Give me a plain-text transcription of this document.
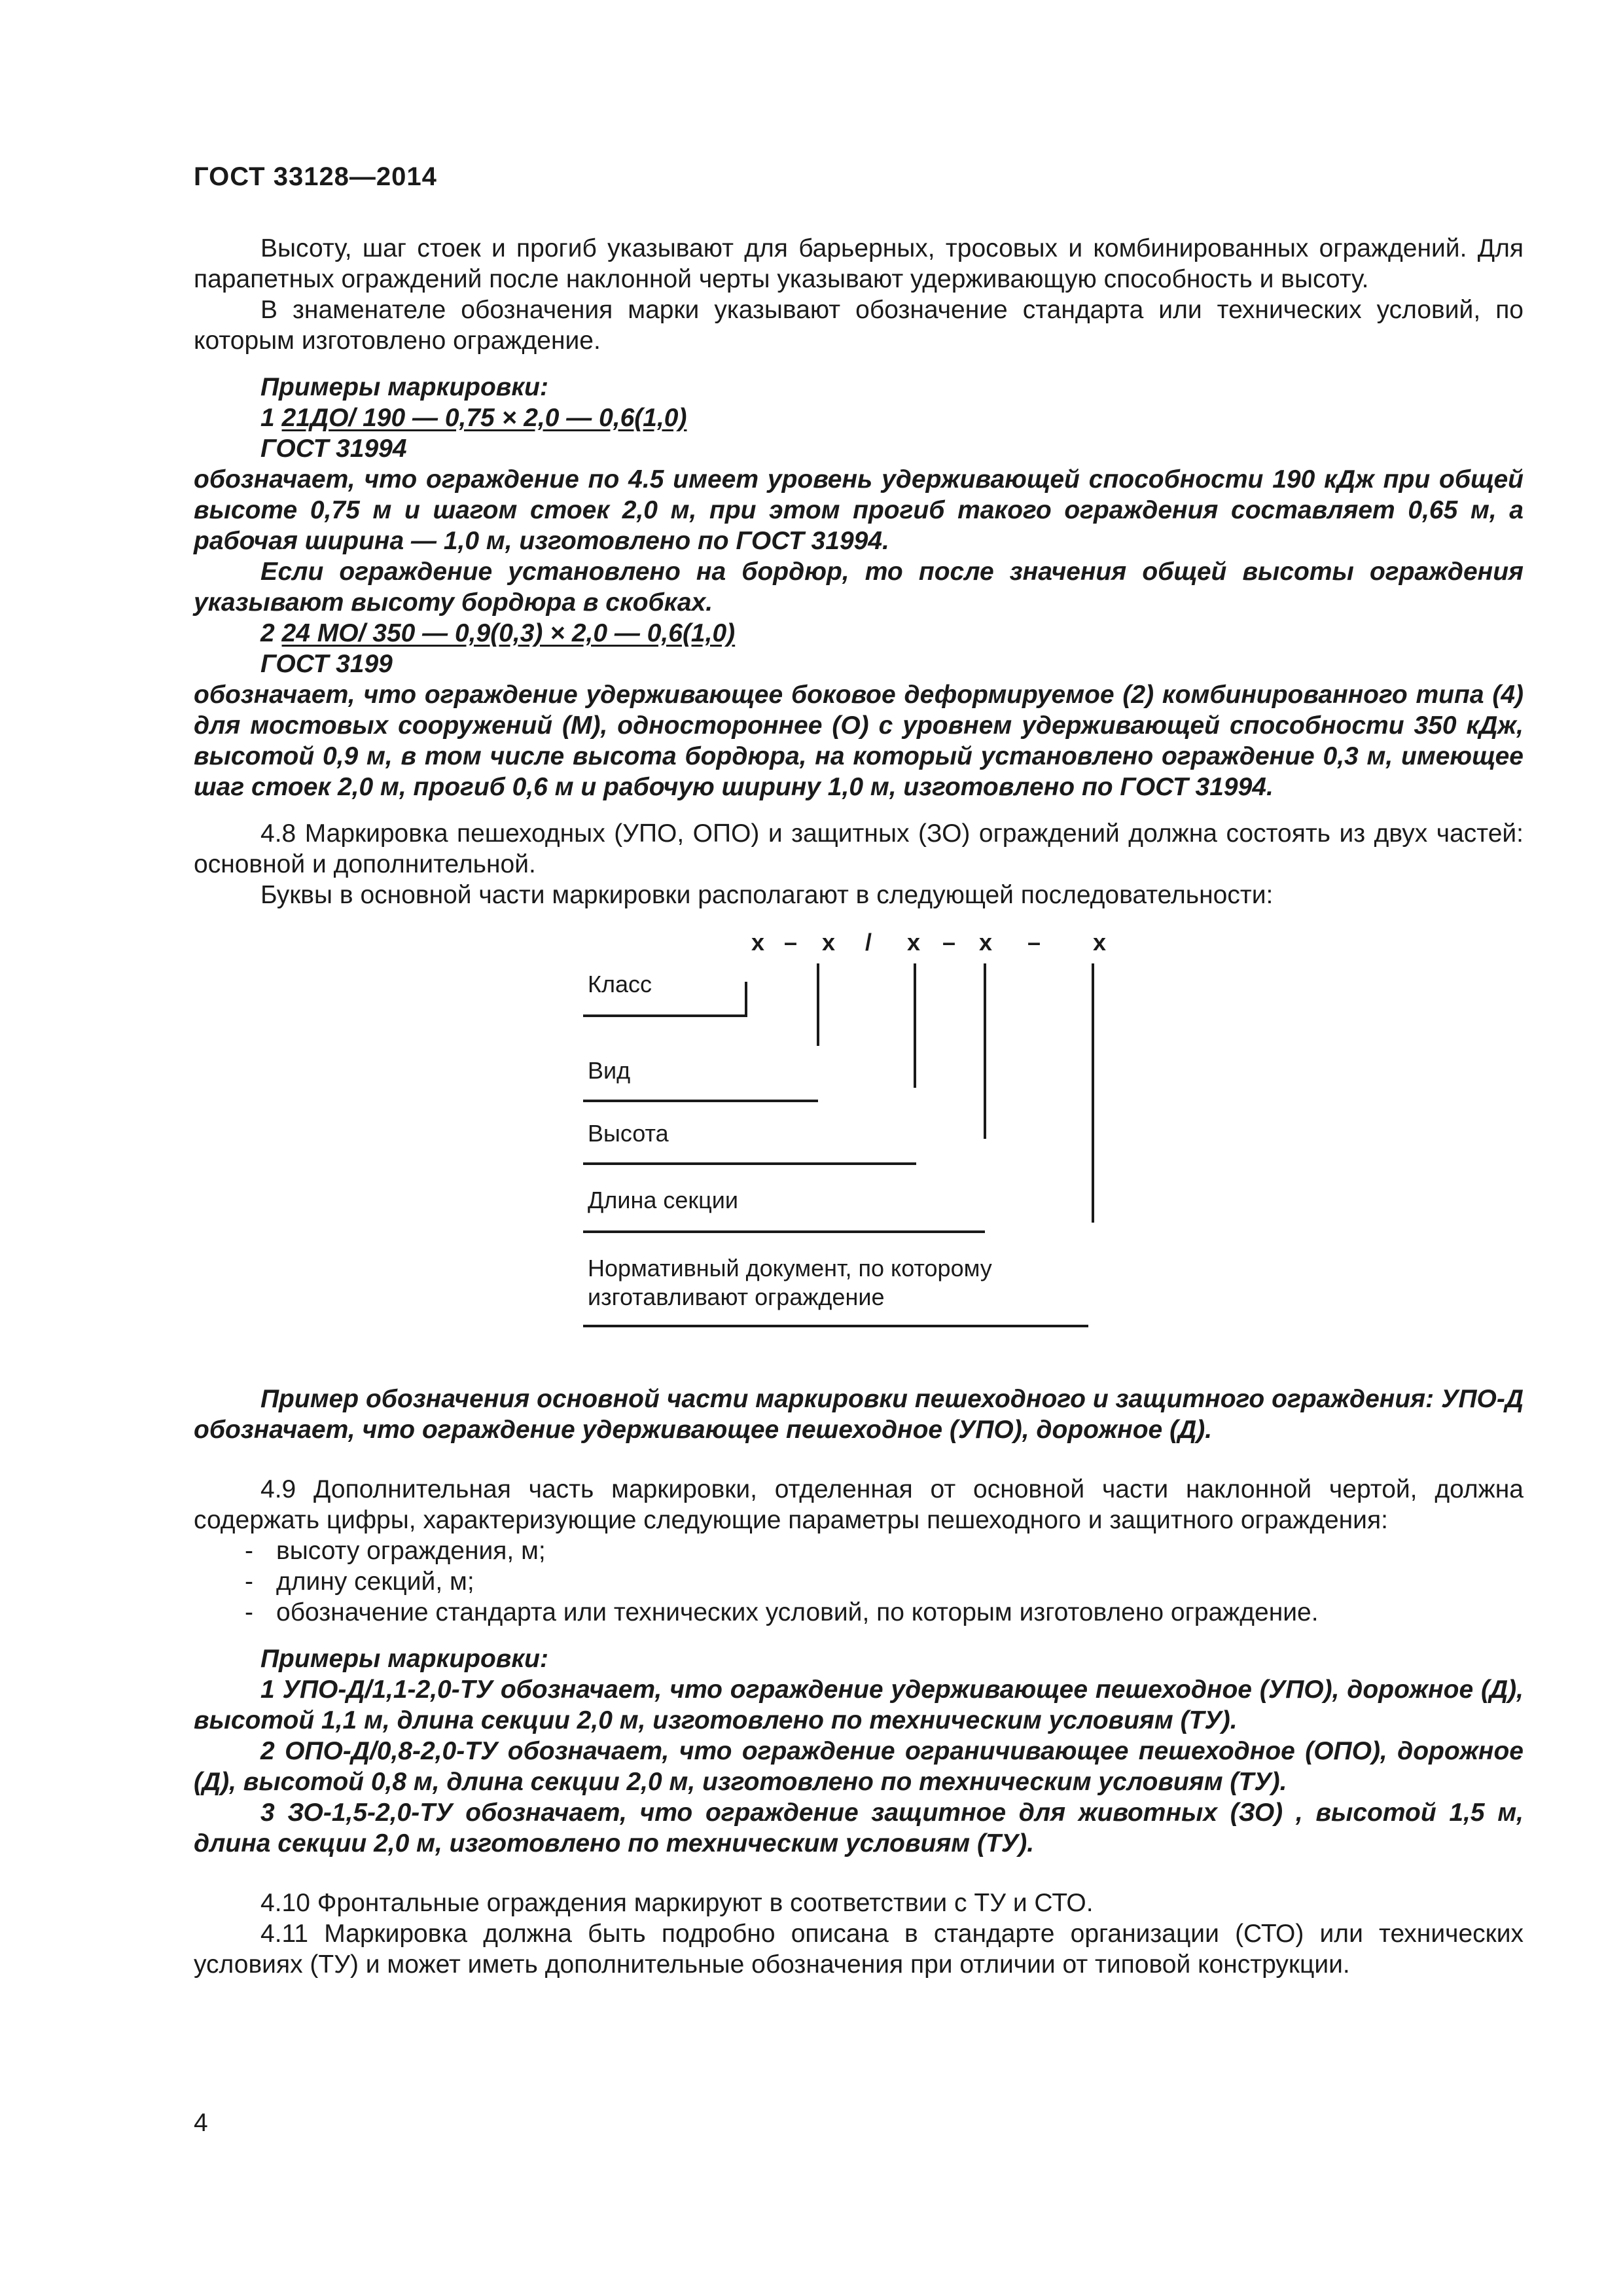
ГОСТ 33128—2014

Высоту, шаг стоек и прогиб указывают для барьерных, тросовых и комбинированных ограждений. Для парапетных ограждений после наклонной черты указывают удерживающую способность и высоту.

В знаменателе обозначения марки указывают обозначение стандарта или технических условий, по которым изготовлено ограждение.

Примеры маркировки:

1 21ДО/ 190 — 0,75 × 2,0 — 0,6(1,0)

ГОСТ 31994

обозначает, что ограждение по 4.5 имеет уровень удерживающей способности 190 кДж при общей высоте 0,75 м и шагом стоек 2,0 м, при этом прогиб такого ограждения составляет 0,65 м, а рабочая ширина — 1,0 м, изготовлено по ГОСТ 31994.

Если ограждение установлено на бордюр, то после значения общей высоты ограждения указывают высоту бордюра в скобках.

2 24 МО/ 350 — 0,9(0,3) × 2,0 — 0,6(1,0)

ГОСТ 3199

обозначает, что ограждение удерживающее боковое деформируемое (2) комбинированного типа (4) для мостовых сооружений (М), одностороннее (О) с уровнем удерживающей способности 350 кДж, высотой 0,9 м, в том числе высота бордюра, на который установлено ограждение 0,3 м, имеющее шаг стоек 2,0 м, прогиб 0,6 м и рабочую ширину 1,0 м, изготовлено по ГОСТ 31994.

4.8 Маркировка пешеходных (УПО, ОПО) и защитных (ЗО) ограждений должна состоять из двух частей: основной и дополнительной.

Буквы в основной части маркировки располагают в следующей последовательности:

x – x / x – x – x
Класс
Вид
Высота
Длина секции
Нормативный документ, по которому
изготавливают ограждение

Пример обозначения основной части маркировки пешеходного и защитного ограждения: УПО-Д обозначает, что ограждение удерживающее пешеходное (УПО), дорожное (Д).

4.9 Дополнительная часть маркировки, отделенная от основной части наклонной чертой, должна содержать цифры, характеризующие следующие параметры пешеходного и защитного ограждения:

- высоту ограждения, м;
- длину секций, м;
- обозначение стандарта или технических условий, по которым изготовлено ограждение.

Примеры маркировки:

1 УПО-Д/1,1-2,0-ТУ обозначает, что ограждение удерживающее пешеходное (УПО), дорожное (Д), высотой 1,1 м, длина секции 2,0 м, изготовлено по техническим условиям (ТУ).

2 ОПО-Д/0,8-2,0-ТУ обозначает, что ограждение ограничивающее пешеходное (ОПО), дорожное (Д), высотой 0,8 м, длина секции 2,0 м, изготовлено по техническим условиям (ТУ).

3 ЗО-1,5-2,0-ТУ обозначает, что ограждение защитное для животных (ЗО) , высотой 1,5 м, длина секции 2,0 м, изготовлено по техническим условиям (ТУ).

4.10 Фронтальные ограждения маркируют в соответствии с ТУ и СТО.

4.11 Маркировка должна быть подробно описана в стандарте организации (СТО) или технических условиях (ТУ) и может иметь дополнительные обозначения при отличии от типовой конструкции.

4
